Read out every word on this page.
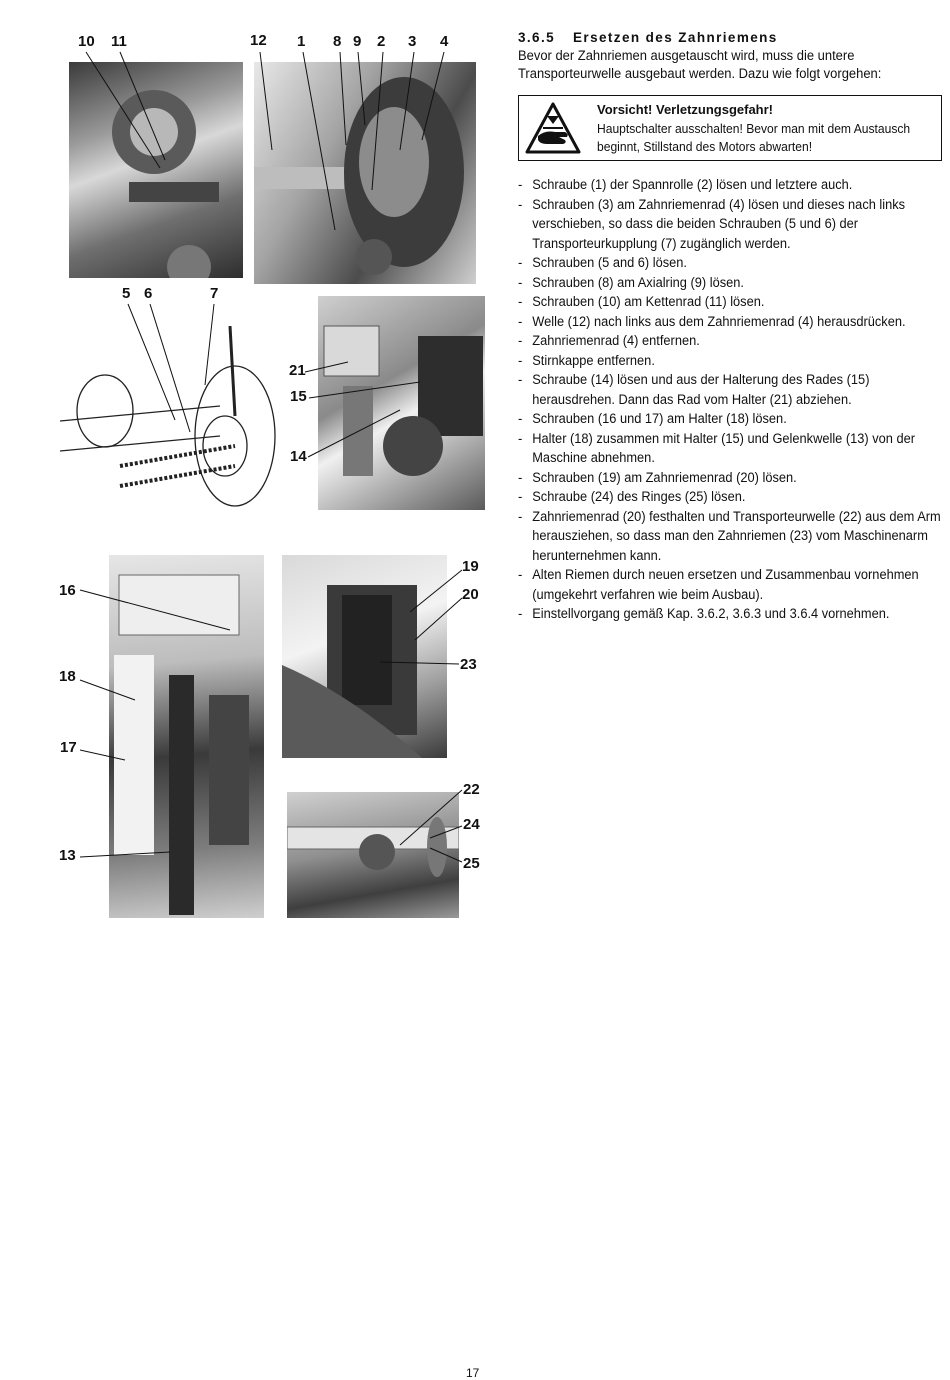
10 11	12 1 8 9 2 3 4
5 6	7
21
15
14
16
18
17
13
19
20
23
22
24
25
3.6.5 Ersetzen des Zahnriemens

Bevor der Zahnriemen ausgetauscht wird, muss die untere Transporteurwelle ausgebaut werden. Dazu wie folgt vorgehen:

Vorsicht! Verletzungsgefahr!
Hauptschalter ausschalten! Bevor man mit dem Austausch beginnt, Stillstand des Motors abwarten!
- Schraube (1) der Spannrolle (2) lösen und letztere auch.
- Schrauben (3) am Zahnriemenrad (4) lösen und dieses nach links verschieben, so dass die beiden Schrauben (5 und 6) der Transporteurkupplung (7) zugänglich werden.
- Schrauben (5 and 6) lösen.
- Schrauben (8) am Axialring (9) lösen.
- Schrauben (10) am Kettenrad (11) lösen.
- Welle (12) nach links aus dem Zahnriemenrad (4) herausdrücken.
- Zahnriemenrad (4) entfernen.
- Stirnkappe entfernen.
- Schraube (14) lösen und aus der Halterung des Rades (15) herausdrehen. Dann das Rad vom Halter (21) abziehen.
- Schrauben (16 und 17) am Halter (18) lösen.
- Halter (18) zusammen mit Halter (15) und Gelenkwelle (13) von der Maschine abnehmen.
- Schrauben (19) am Zahnriemenrad (20) lösen.
- Schraube (24) des Ringes (25) lösen.
- Zahnriemenrad (20) festhalten und Transporteurwelle (22) aus dem Arm herausziehen, so dass man den Zahnriemen (23) vom Maschinenarm herunternehmen kann.
- Alten Riemen durch neuen ersetzen und Zusammenbau vornehmen (umgekehrt verfahren wie beim Ausbau).
- Einstellvorgang gemäß Kap. 3.6.2, 3.6.3 und 3.6.4 vornehmen.
17
